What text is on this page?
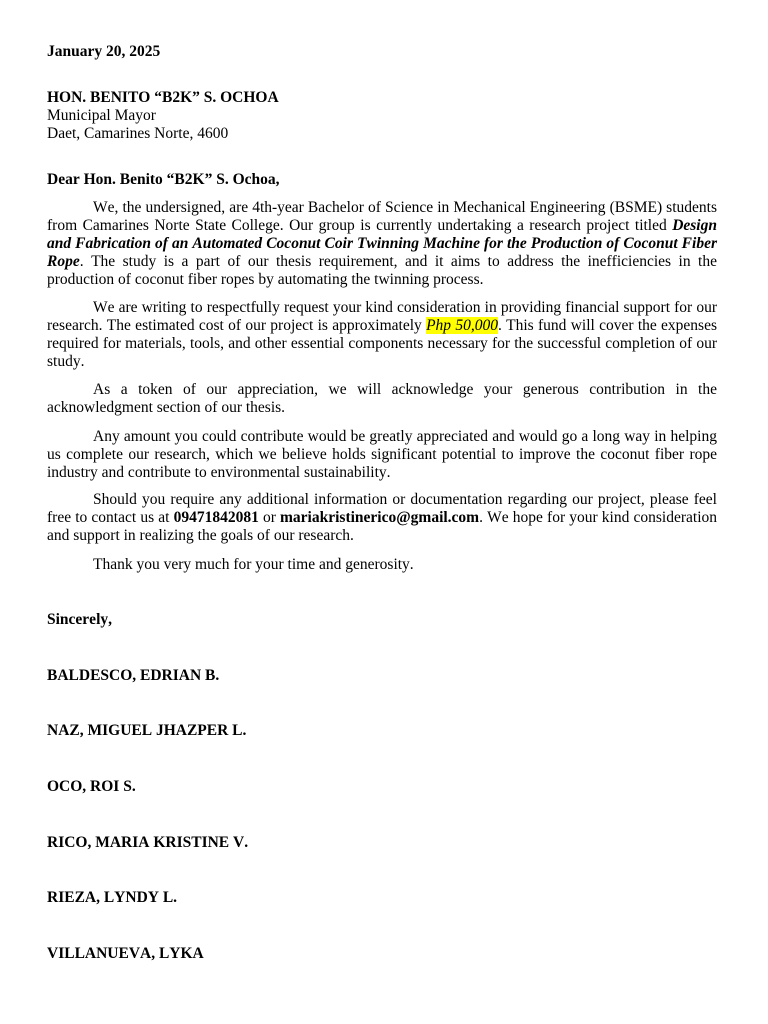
January 20, 2025
HON. BENITO “B2K” S. OCHOA
Municipal Mayor
Daet, Camarines Norte, 4600
Dear Hon. Benito “B2K” S. Ochoa,
We, the undersigned, are 4th-year Bachelor of Science in Mechanical Engineering (BSME) students from Camarines Norte State College. Our group is currently undertaking a research project titled Design and Fabrication of an Automated Coconut Coir Twinning Machine for the Production of Coconut Fiber Rope. The study is a part of our thesis requirement, and it aims to address the inefficiencies in the production of coconut fiber ropes by automating the twinning process.
We are writing to respectfully request your kind consideration in providing financial support for our research. The estimated cost of our project is approximately Php 50,000. This fund will cover the expenses required for materials, tools, and other essential components necessary for the successful completion of our study.
As a token of our appreciation, we will acknowledge your generous contribution in the acknowledgment section of our thesis.
Any amount you could contribute would be greatly appreciated and would go a long way in helping us complete our research, which we believe holds significant potential to improve the coconut fiber rope industry and contribute to environmental sustainability.
Should you require any additional information or documentation regarding our project, please feel free to contact us at 09471842081 or mariakristinerico@gmail.com. We hope for your kind consideration and support in realizing the goals of our research.
Thank you very much for your time and generosity.
Sincerely,
BALDESCO, EDRIAN B.
NAZ, MIGUEL JHAZPER L.
OCO, ROI S.
RICO, MARIA KRISTINE V.
RIEZA, LYNDY L.
VILLANUEVA, LYKA
